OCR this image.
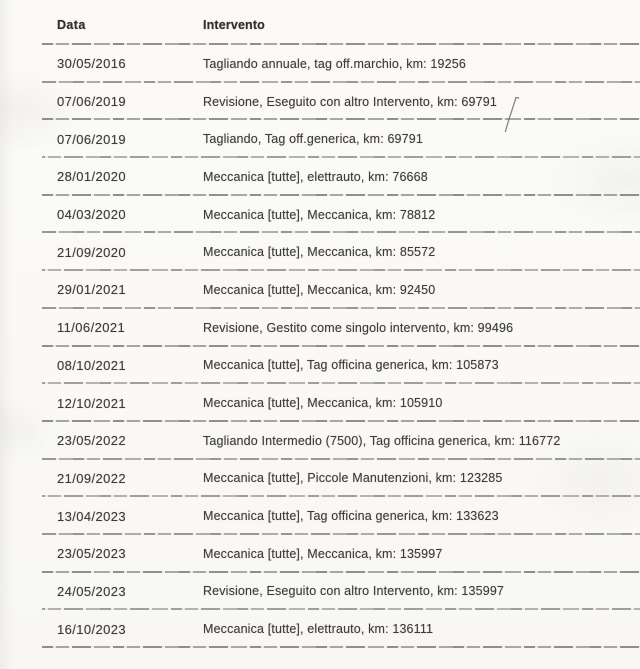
Data	Intervento
30/05/2016	Tagliando annuale, tag off.marchio, km: 19256
07/06/2019	Revisione, Eseguito con altro Intervento, km: 69791
07/06/2019	Tagliando, Tag off.generica, km: 69791
28/01/2020	Meccanica [tutte], elettrauto, km: 76668
04/03/2020	Meccanica [tutte], Meccanica, km: 78812
21/09/2020	Meccanica [tutte], Meccanica, km: 85572
29/01/2021	Meccanica [tutte], Meccanica, km: 92450
11/06/2021	Revisione, Gestito come singolo intervento, km: 99496
08/10/2021	Meccanica [tutte], Tag officina generica, km: 105873
12/10/2021	Meccanica [tutte], Meccanica, km: 105910
23/05/2022	Tagliando Intermedio (7500), Tag officina generica, km: 116772
21/09/2022	Meccanica [tutte], Piccole Manutenzioni, km: 123285
13/04/2023	Meccanica [tutte], Tag officina generica, km: 133623
23/05/2023	Meccanica [tutte], Meccanica, km: 135997
24/05/2023	Revisione, Eseguito con altro Intervento, km: 135997
16/10/2023	Meccanica [tutte], elettrauto, km: 136111
